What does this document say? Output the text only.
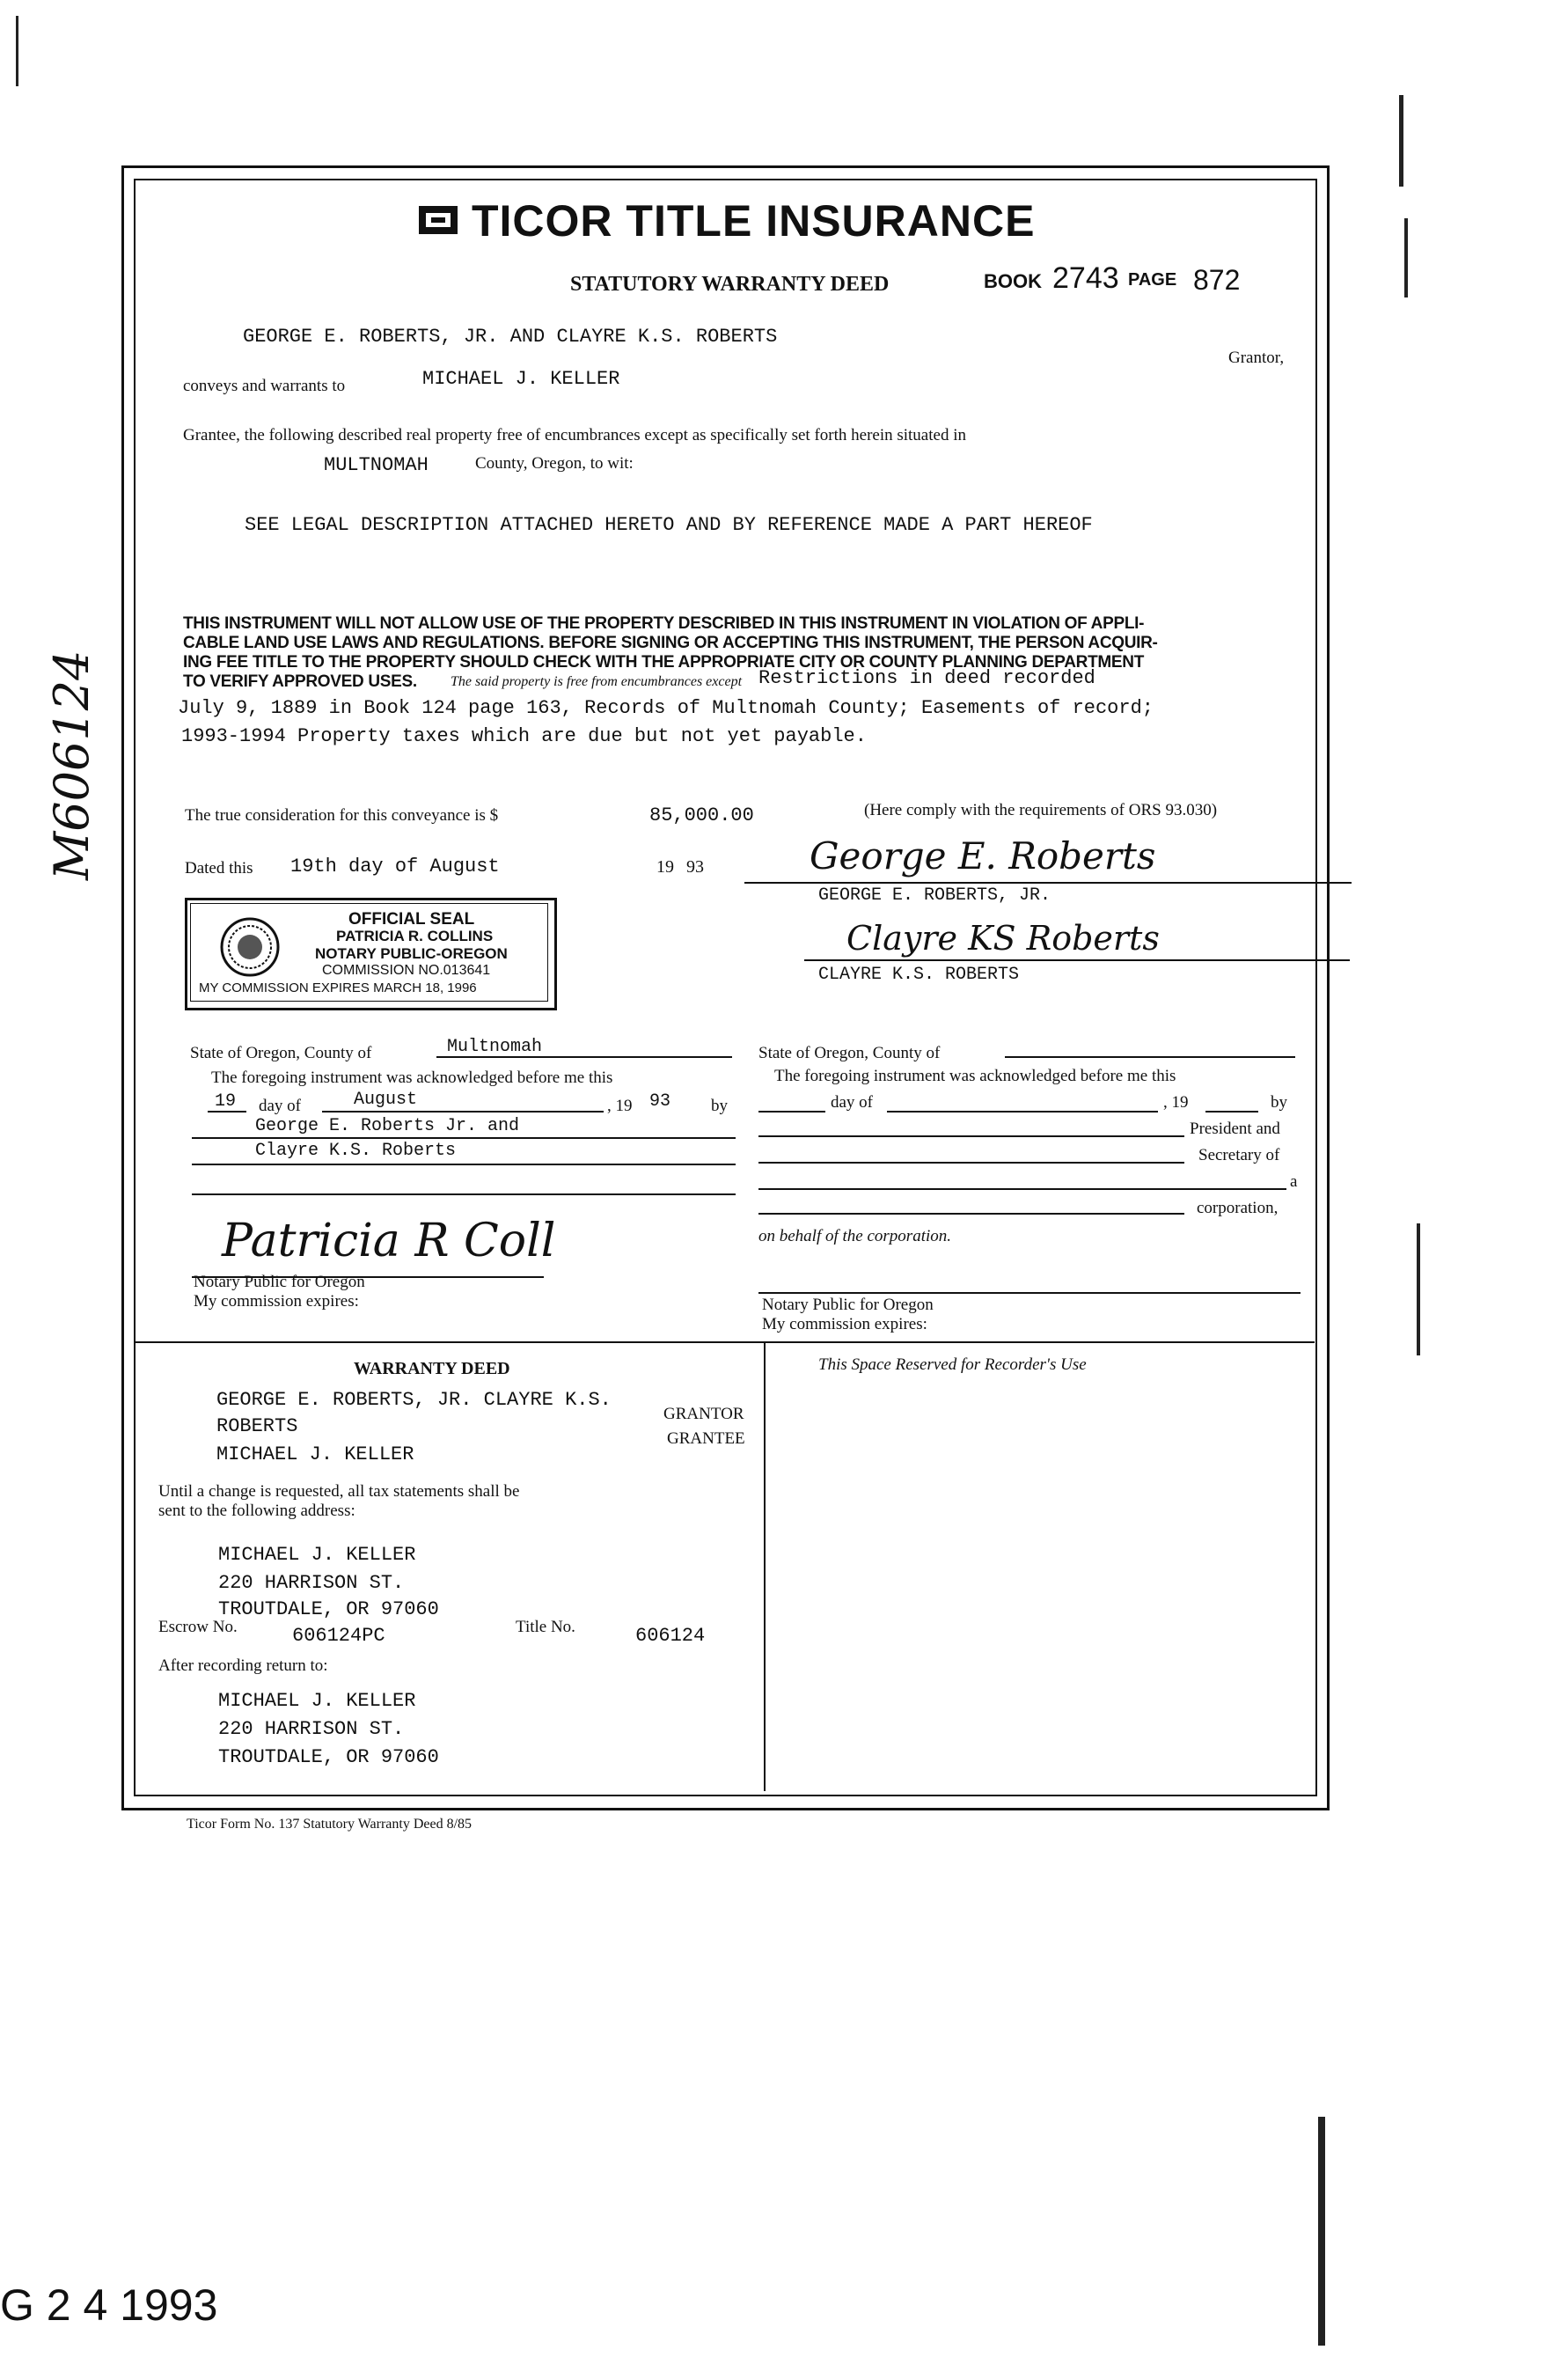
TICOR TITLE INSURANCE
STATUTORY WARRANTY DEED	BOOK 2743 PAGE 872
GEORGE E. ROBERTS, JR. AND CLAYRE K.S. ROBERTS
Grantor,
conveys and warrants to	MICHAEL J. KELLER
Grantee, the following described real property free of encumbrances except as specifically set forth herein situated in
MULTNOMAH	County, Oregon, to wit:
SEE LEGAL DESCRIPTION ATTACHED HERETO AND BY REFERENCE MADE A PART HEREOF
THIS INSTRUMENT WILL NOT ALLOW USE OF THE PROPERTY DESCRIBED IN THIS INSTRUMENT IN VIOLATION OF APPLI-
CABLE LAND USE LAWS AND REGULATIONS. BEFORE SIGNING OR ACCEPTING THIS INSTRUMENT, THE PERSON ACQUIR-
ING FEE TITLE TO THE PROPERTY SHOULD CHECK WITH THE APPROPRIATE CITY OR COUNTY PLANNING DEPARTMENT
TO VERIFY APPROVED USES. The said property is free from encumbrances except Restrictions in deed recorded
July 9, 1889 in Book 124 page 163, Records of Multnomah County; Easements of record;
1993-1994 Property taxes which are due but not yet payable.
The true consideration for this conveyance is $	85,000.00	(Here comply with the requirements of ORS 93.030)
Dated this 19th day of August	19 93	George E. Roberts
GEORGE E. ROBERTS, JR.
Clayre KS Roberts
CLAYRE K.S. ROBERTS
OFFICIAL SEAL
PATRICIA R. COLLINS
NOTARY PUBLIC-OREGON
COMMISSION NO.013641
MY COMMISSION EXPIRES MARCH 18, 1996
State of Oregon, County of	Multnomah
The foregoing instrument was acknowledged before me this
19 day of	August	, 19 93 by
George E. Roberts Jr. and
Clayre K.S. Roberts
Patricia R Coll
Notary Public for Oregon
My commission expires:
State of Oregon, County of
The foregoing instrument was acknowledged before me this
day of	, 19	by
President and
Secretary of
a
corporation,
on behalf of the corporation.
Notary Public for Oregon
My commission expires:
WARRANTY DEED
GEORGE E. ROBERTS, JR. CLAYRE K.S.
GRANTOR
ROBERTS
GRANTEE
MICHAEL J. KELLER
Until a change is requested, all tax statements shall be
sent to the following address:
MICHAEL J. KELLER
220 HARRISON ST.
TROUTDALE, OR 97060
Escrow No.	606124PC	Title No.	606124
After recording return to:
MICHAEL J. KELLER
220 HARRISON ST.
TROUTDALE, OR 97060
This Space Reserved for Recorder's Use
Ticor Form No. 137 Statutory Warranty Deed 8/85
M606124
G 2 4 1993
